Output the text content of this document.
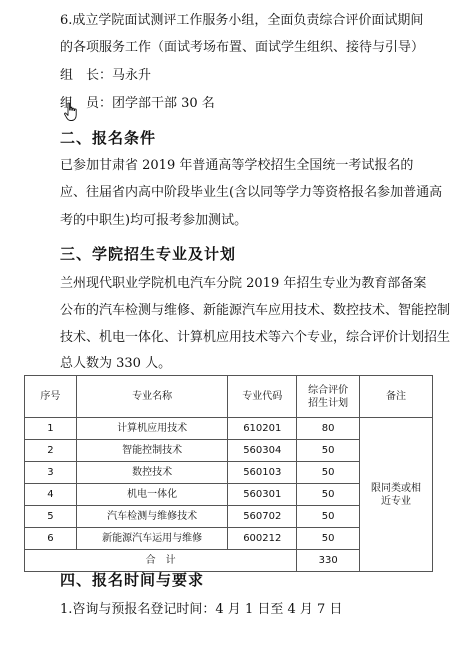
6.成立学院面试测评工作服务小组，全面负责综合评价面试期间
的各项服务工作（面试考场布置、面试学生组织、接待与引导）
组　长：马永升
组　员：团学部干部 30 名
二、报名条件
已参加甘肃省 2019 年普通高等学校招生全国统一考试报名的
应、往届省内高中阶段毕业生(含以同等学力等资格报名参加普通高
考的中职生)均可报考参加测试。
三、学院招生专业及计划
兰州现代职业学院机电汽车分院 2019 年招生专业为教育部备案
公布的汽车检测与维修、新能源汽车应用技术、数控技术、智能控制
技术、机电一体化、计算机应用技术等六个专业，综合评价计划招生
总人数为 330 人。
序号	专业名称	专业代码	综合评价招生计划	备注
1	计算机应用技术	610201	80	限同类或相近专业
2	智能控制技术	560304	50	
3	数控技术	560103	50	
4	机电一体化	560301	50	
5	汽车检测与维修技术	560702	50	
6	新能源汽车运用与维修	600212	50	
合　计			330	
四、报名时间与要求
1.咨询与预报名登记时间：4 月 1 日至 4 月 7 日
